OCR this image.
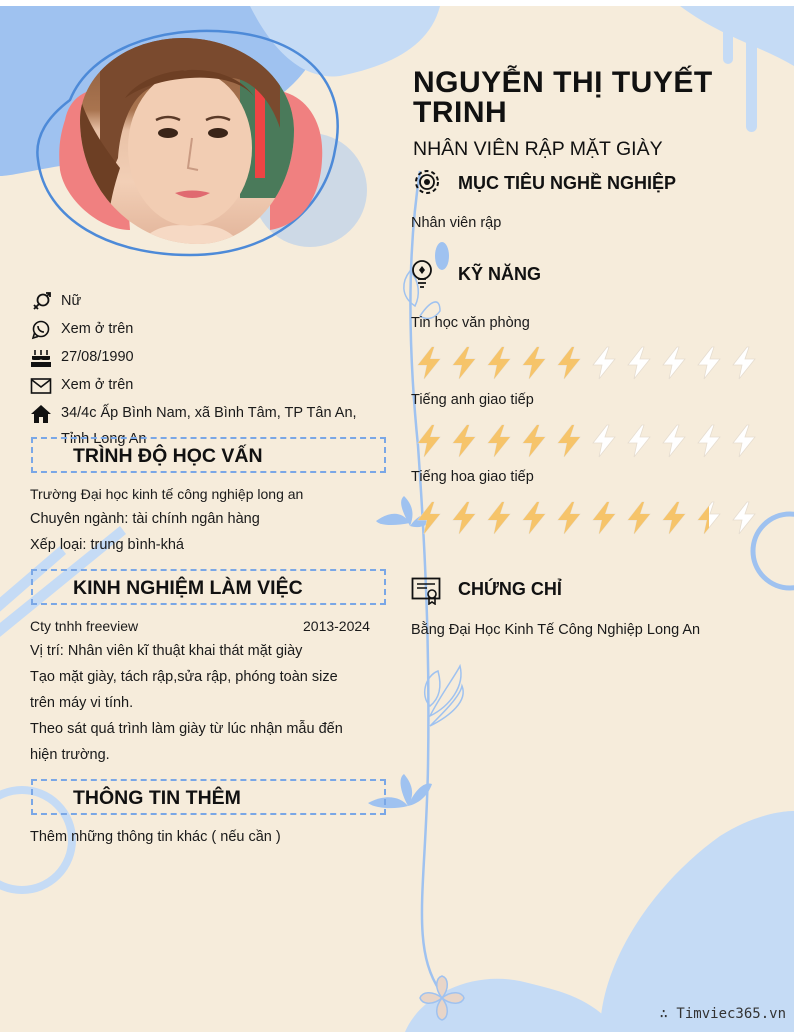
NGUYỄN THỊ TUYẾT TRINH
NHÂN VIÊN RẬP MẶT GIÀY
Nữ
Xem ở trên
27/08/1990
Xem ở trên
34/4c Ấp Bình Nam, xã Bình Tâm, TP Tân An, Tỉnh Long An
TRÌNH ĐỘ HỌC VẤN
Trường Đại học kinh tế công nghiệp long an
Chuyên ngành: tài chính ngân hàng
Xếp loại: trung bình-khá
KINH NGHIỆM LÀM VIỆC
Cty tnhh freeview	2013-2024
Vị trí: Nhân viên kĩ thuật khai thát mặt giày
Tạo mặt giày, tách rập,sửa rập, phóng toàn size
trên máy vi tính.
Theo sát quá trình làm giày từ lúc nhận mẫu đến
hiện trường.
THÔNG TIN THÊM
Thêm những thông tin khác ( nếu cần )
MỤC TIÊU NGHỀ NGHIỆP
Nhân viên rập
KỸ NĂNG
Tin học văn phòng
Tiếng anh giao tiếp
Tiếng hoa giao tiếp
CHỨNG CHỈ
Bằng Đại Học Kinh Tế Công Nghiệp Long An
∴ Timviec365.vn
